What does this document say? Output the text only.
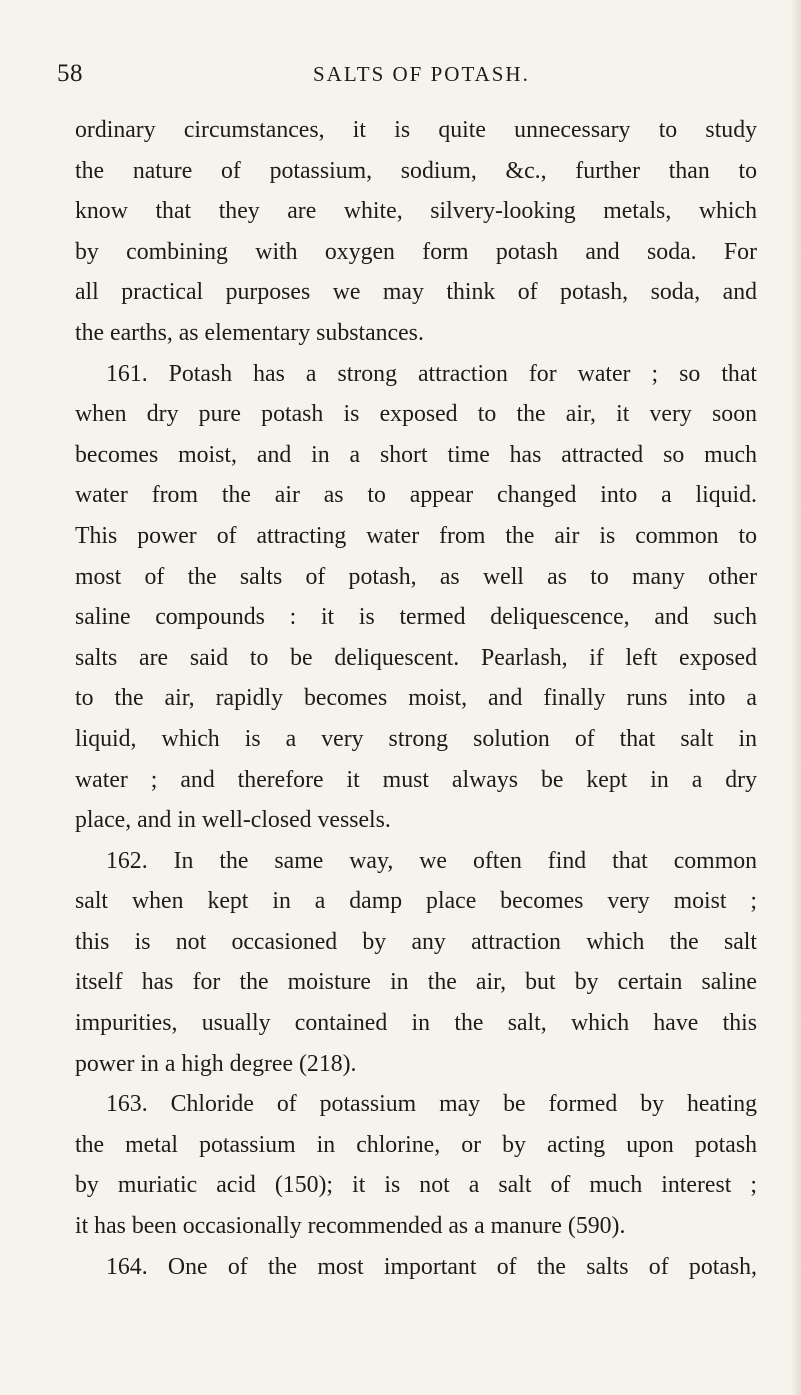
58	SALTS OF POTASH.
ordinary circumstances, it is quite unnecessary to study
the nature of potassium, sodium, &c., further than to
know that they are white, silvery-looking metals, which
by combining with oxygen form potash and soda. For
all practical purposes we may think of potash, soda, and
the earths, as elementary substances.
161. Potash has a strong attraction for water ; so that
when dry pure potash is exposed to the air, it very soon
becomes moist, and in a short time has attracted so much
water from the air as to appear changed into a liquid.
This power of attracting water from the air is common to
most of the salts of potash, as well as to many other
saline compounds : it is termed deliquescence, and such
salts are said to be deliquescent. Pearlash, if left exposed
to the air, rapidly becomes moist, and finally runs into a
liquid, which is a very strong solution of that salt in
water ; and therefore it must always be kept in a dry
place, and in well-closed vessels.
162. In the same way, we often find that common
salt when kept in a damp place becomes very moist ;
this is not occasioned by any attraction which the salt
itself has for the moisture in the air, but by certain saline
impurities, usually contained in the salt, which have this
power in a high degree (218).
163. Chloride of potassium may be formed by heating
the metal potassium in chlorine, or by acting upon potash
by muriatic acid (150); it is not a salt of much interest ;
it has been occasionally recommended as a manure (590).
164. One of the most important of the salts of potash,
